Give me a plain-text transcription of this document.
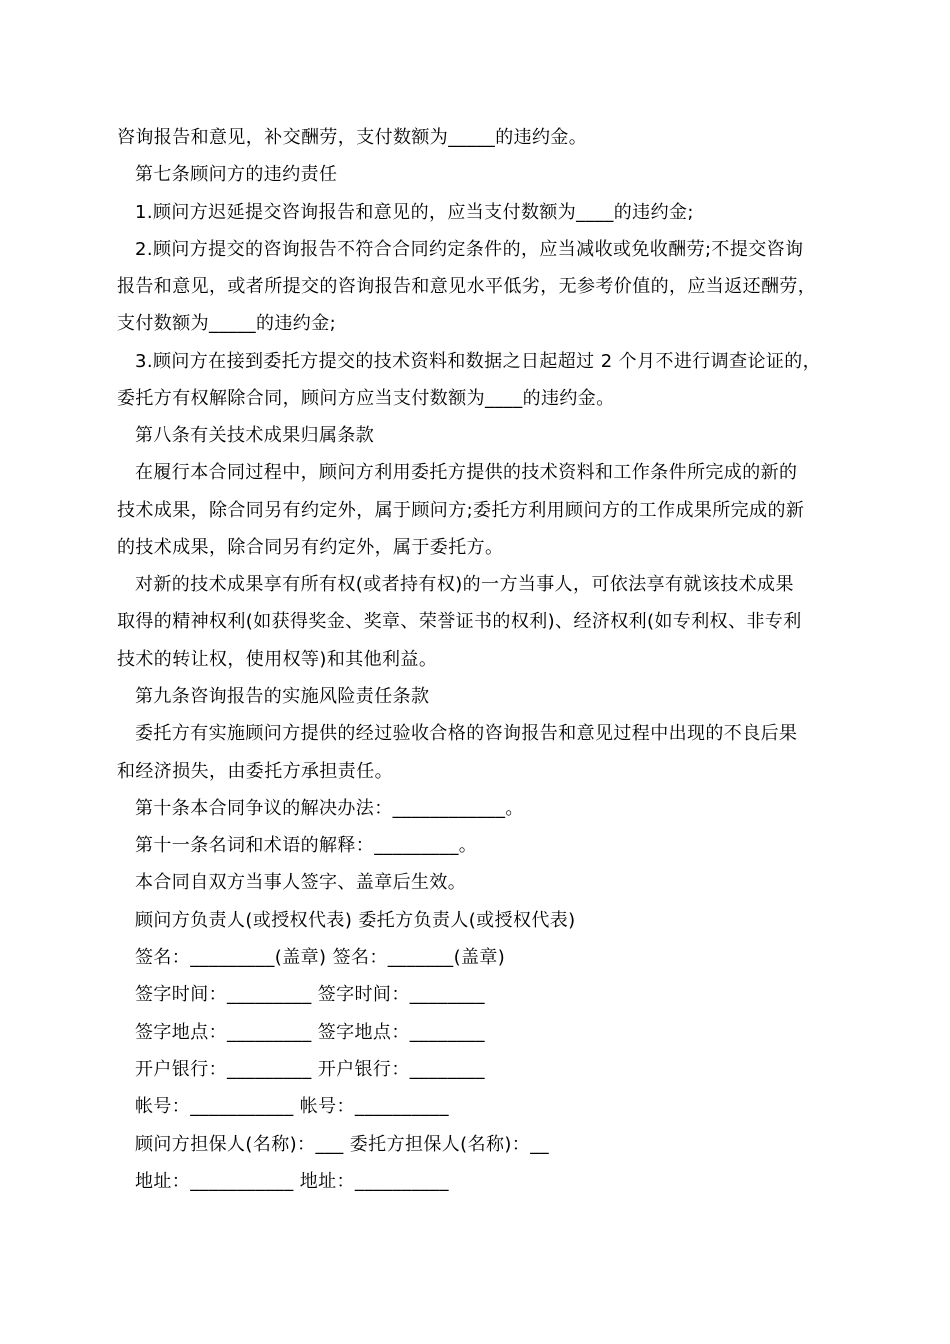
咨询报告和意见，补交酬劳，支付数额为_____的违约金。
第七条顾问方的违约责任
1.顾问方迟延提交咨询报告和意见的，应当支付数额为____的违约金;
2.顾问方提交的咨询报告不符合合同约定条件的，应当减收或免收酬劳;不提交咨询
报告和意见，或者所提交的咨询报告和意见水平低劣，无参考价值的，应当返还酬劳，
支付数额为_____的违约金;
3.顾问方在接到委托方提交的技术资料和数据之日起超过 2 个月不进行调查论证的，
委托方有权解除合同，顾问方应当支付数额为____的违约金。
第八条有关技术成果归属条款
在履行本合同过程中，顾问方利用委托方提供的技术资料和工作条件所完成的新的
技术成果，除合同另有约定外，属于顾问方;委托方利用顾问方的工作成果所完成的新
的技术成果，除合同另有约定外，属于委托方。
对新的技术成果享有所有权(或者持有权)的一方当事人，可依法享有就该技术成果
取得的精神权利(如获得奖金、奖章、荣誉证书的权利)、经济权利(如专利权、非专利
技术的转让权，使用权等)和其他利益。
第九条咨询报告的实施风险责任条款
委托方有实施顾问方提供的经过验收合格的咨询报告和意见过程中出现的不良后果
和经济损失，由委托方承担责任。
第十条本合同争议的解决办法：____________。
第十一条名词和术语的解释：_________。
本合同自双方当事人签字、盖章后生效。
顾问方负责人(或授权代表) 委托方负责人(或授权代表)
签名：_________(盖章) 签名：_______(盖章)
签字时间：_________ 签字时间：________
签字地点：_________ 签字地点：________
开户银行：_________ 开户银行：________
帐号：___________ 帐号：__________
顾问方担保人(名称)：___ 委托方担保人(名称)：__
地址：___________ 地址：__________
